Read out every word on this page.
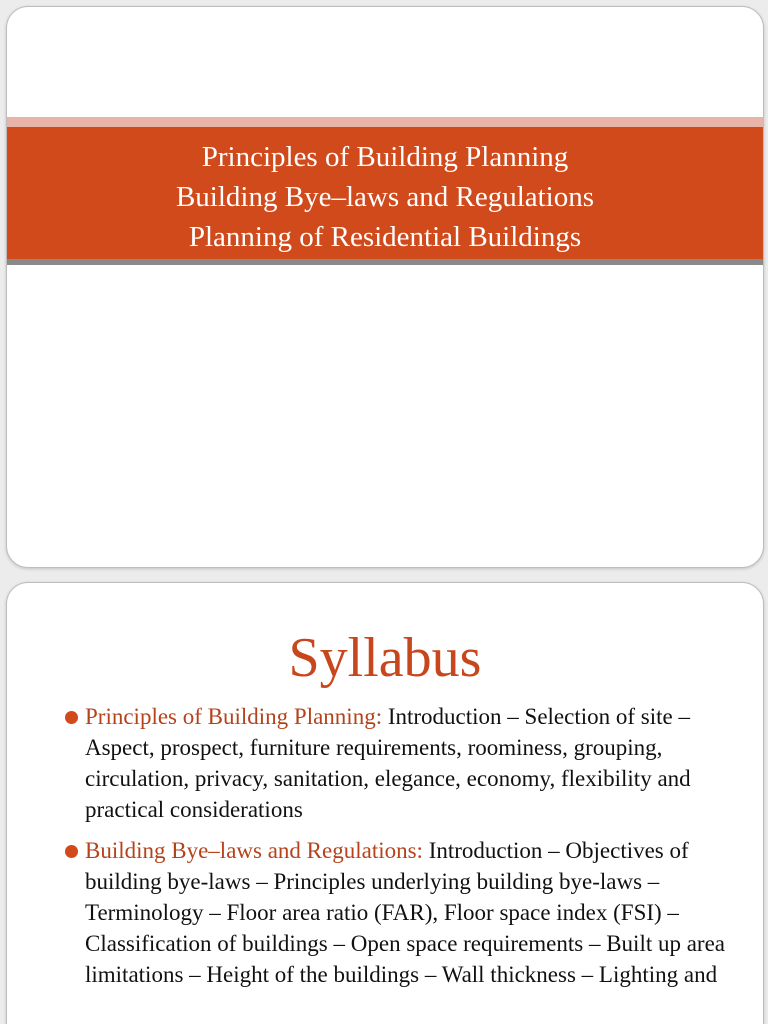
Principles of Building Planning
Building Bye–laws and Regulations
Planning of Residential Buildings
Syllabus
Principles of Building Planning: Introduction – Selection of site – Aspect, prospect, furniture requirements, roominess, grouping, circulation, privacy, sanitation, elegance, economy, flexibility and practical considerations
Building Bye–laws and Regulations: Introduction – Objectives of building bye-laws – Principles underlying building bye-laws – Terminology – Floor area ratio (FAR), Floor space index (FSI) – Classification of buildings – Open space requirements – Built up area limitations – Height of the buildings – Wall thickness – Lighting and
